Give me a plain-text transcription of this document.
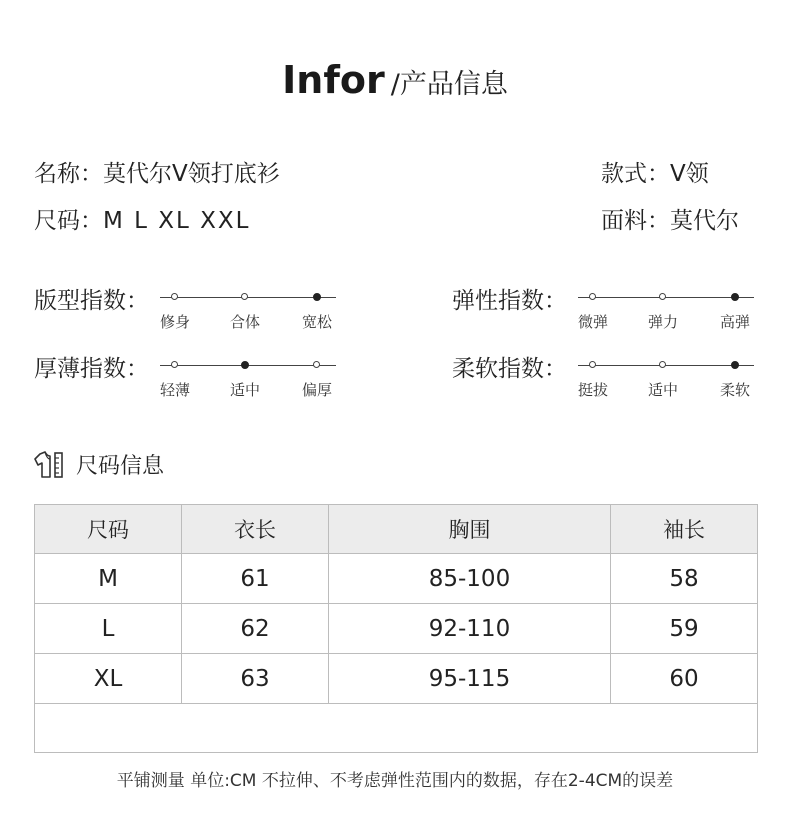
Infor /产品信息
名称：莫代尔V领打底衫
尺码：M L XL XXL
款式：V领
面料：莫代尔
版型指数：
修身	合体	宽松
弹性指数：
微弹	弹力	高弹
厚薄指数：
轻薄	适中	偏厚
柔软指数：
挺拔	适中	柔软
尺码信息
尺码	衣长	胸围	袖长
M	61	85-100	58
L	62	92-110	59
XL	63	95-115	60

平铺测量 单位:CM 不拉伸、不考虑弹性范围内的数据，存在2-4CM的误差
